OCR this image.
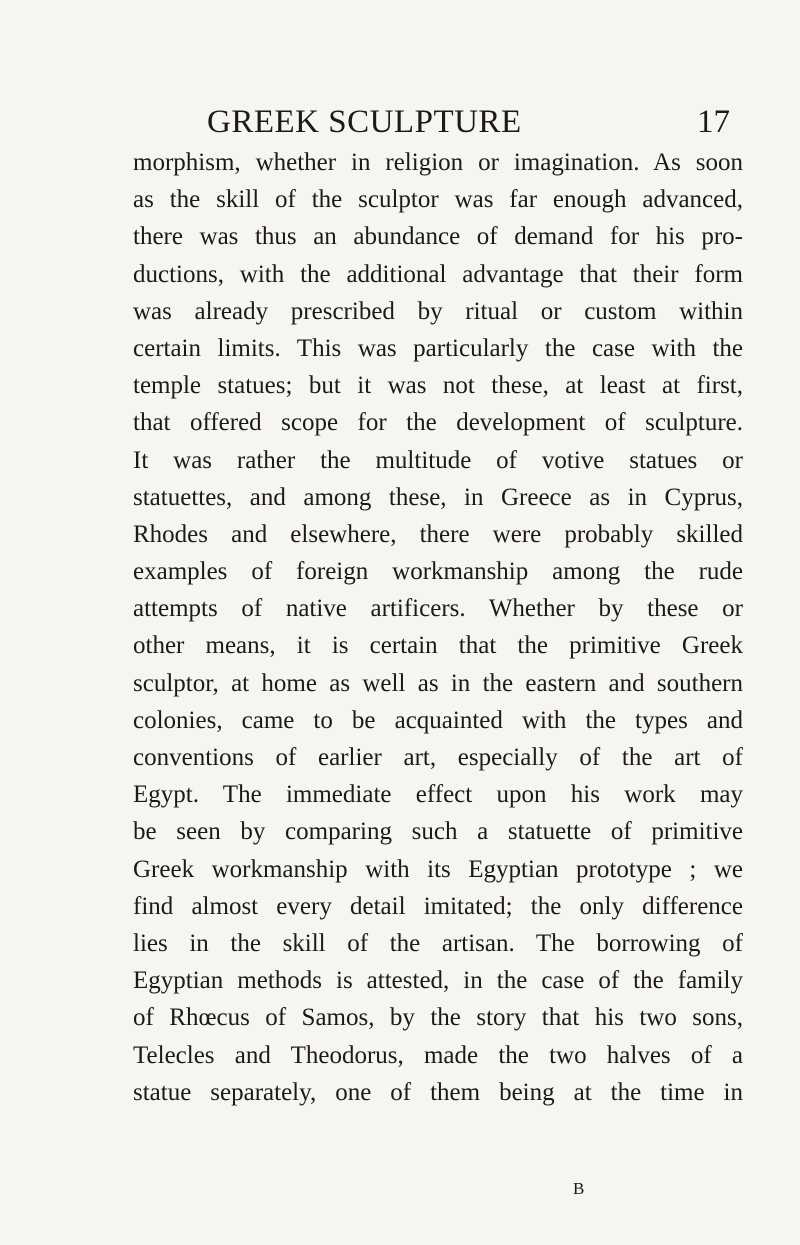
GREEK SCULPTURE	17
morphism, whether in religion or imagination. As soon
as the skill of the sculptor was far enough advanced,
there was thus an abundance of demand for his pro-
ductions, with the additional advantage that their form
was already prescribed by ritual or custom within
certain limits. This was particularly the case with the
temple statues; but it was not these, at least at first,
that offered scope for the development of sculpture.
It was rather the multitude of votive statues or
statuettes, and among these, in Greece as in Cyprus,
Rhodes and elsewhere, there were probably skilled
examples of foreign workmanship among the rude
attempts of native artificers. Whether by these or
other means, it is certain that the primitive Greek
sculptor, at home as well as in the eastern and southern
colonies, came to be acquainted with the types and
conventions of earlier art, especially of the art of
Egypt. The immediate effect upon his work may
be seen by comparing such a statuette of primitive
Greek workmanship with its Egyptian prototype ; we
find almost every detail imitated; the only difference
lies in the skill of the artisan. The borrowing of
Egyptian methods is attested, in the case of the family
of Rhœcus of Samos, by the story that his two sons,
Telecles and Theodorus, made the two halves of a
statue separately, one of them being at the time in
B
